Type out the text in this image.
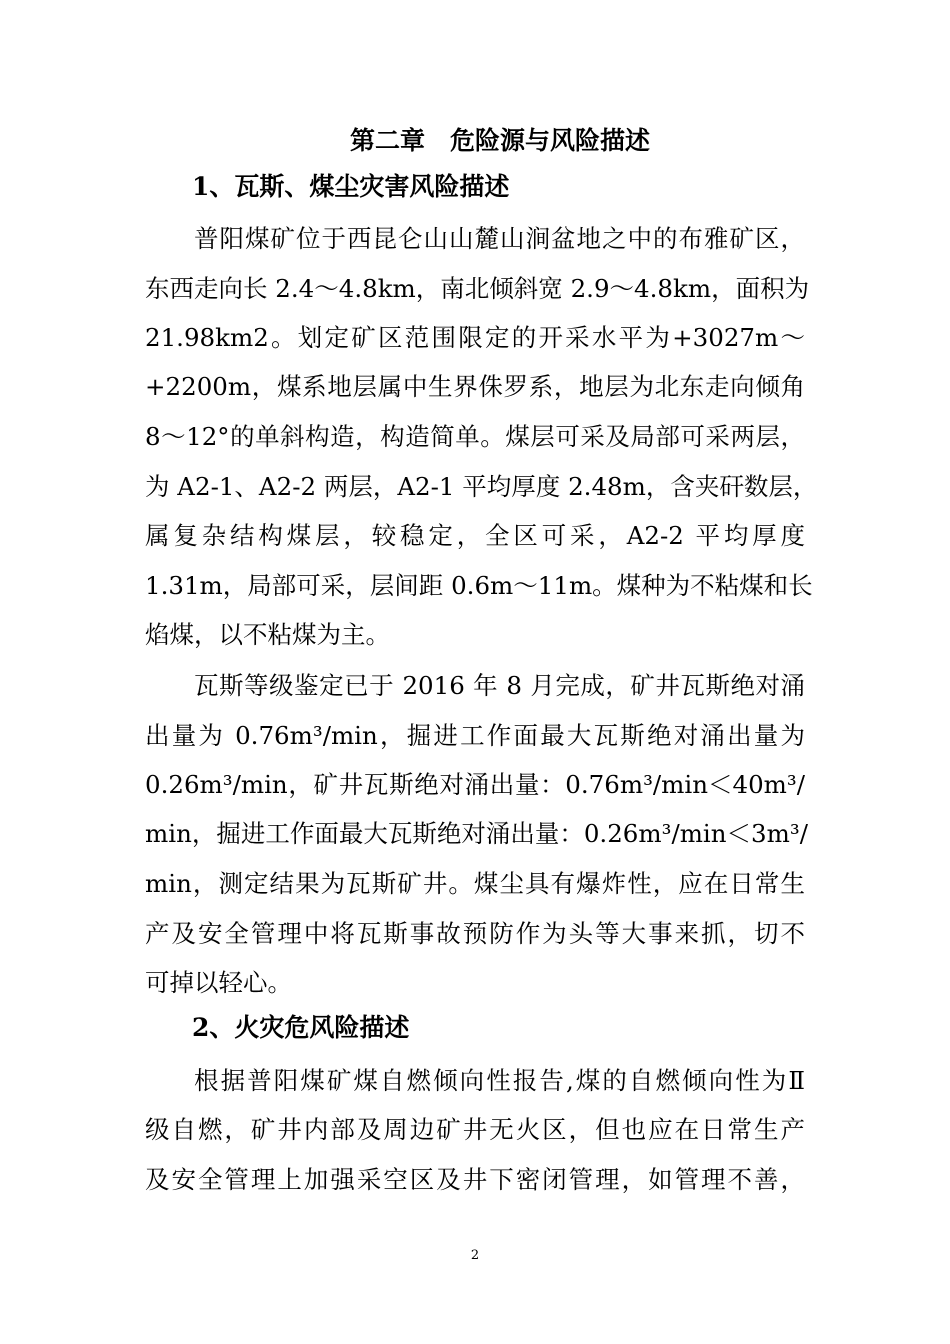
第二章　危险源与风险描述
1、瓦斯、煤尘灾害风险描述
普阳煤矿位于西昆仑山山麓山涧盆地之中的布雅矿区，
东西走向长 2.4～4.8km，南北倾斜宽 2.9～4.8km，面积为
21.98km2。划定矿区范围限定的开采水平为+3027m～
+2200m，煤系地层属中生界侏罗系，地层为北东走向倾角
8～12°的单斜构造，构造简单。煤层可采及局部可采两层，
为 A2-1、A2-2 两层，A2-1 平均厚度 2.48m，含夹矸数层，
属复杂结构煤层，较稳定，全区可采，A2-2 平均厚度
1.31m，局部可采，层间距 0.6m～11m。煤种为不粘煤和长
焰煤，以不粘煤为主。
瓦斯等级鉴定已于 2016 年 8 月完成，矿井瓦斯绝对涌
出量为 0.76m³/min，掘进工作面最大瓦斯绝对涌出量为
0.26m³/min，矿井瓦斯绝对涌出量：0.76m³/min＜40m³/
min，掘进工作面最大瓦斯绝对涌出量：0.26m³/min＜3m³/
min，测定结果为瓦斯矿井。煤尘具有爆炸性，应在日常生
产及安全管理中将瓦斯事故预防作为头等大事来抓，切不
可掉以轻心。
2、火灾危风险描述
根据普阳煤矿煤自燃倾向性报告,煤的自燃倾向性为Ⅱ
级自燃，矿井内部及周边矿井无火区，但也应在日常生产
及安全管理上加强采空区及井下密闭管理，如管理不善，
2
